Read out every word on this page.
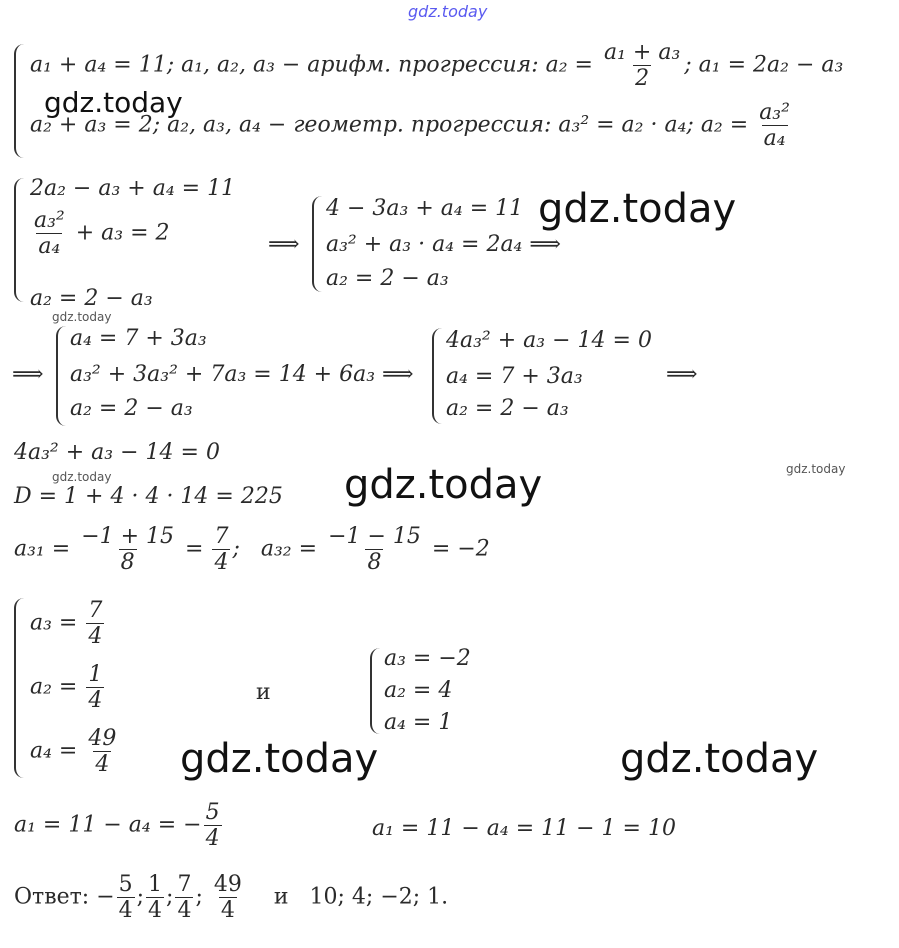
gdz.today
gdz.today
gdz.today
gdz.today
gdz.today
gdz.today
gdz.today
gdz.today	gdz.today
a₁ + a₄ = 11; a₁, a₂, a₃ − арифм. прогрессия: $a_2 = \frac{\text{a₁ + a₃}}{2}$ ; a₁ = 2a₂ − a₃
a₂ + a₃ = 2; a₂, a₃, a₄ − геометр. прогрессия: a₃² = a₂ · a₄; $a_2 = \frac{\text{a₃²}}{\text{a₄}}$
2a₂ − a₃ + a₄ = 11
$\frac{\text{a₃²}}{\text{a₄}} + a_3 = 2$
a₂ = 2 − a₃
⟹
4 − 3a₃ + a₄ = 11
a₃² + a₃ · a₄ = 2a₄ ⟹
a₂ = 2 − a₃
⟹
a₄ = 7 + 3a₃
a₃² + 3a₃² + 7a₃ = 14 + 6a₃ ⟹
a₂ = 2 − a₃
4a₃² + a₃ − 14 = 0
a₄ = 7 + 3a₃
a₂ = 2 − a₃
⟹
4a₃² + a₃ − 14 = 0
D = 1 + 4 · 4 · 14 = 225
$a_{31} = \frac{-1 + 15}{8} = \frac{7}{4}$ ; $a_{32} = \frac{-1 - 15}{8} = -2$
$a_3 = \frac{7}{4}$
$a_2 = \frac{1}{4}$
$a_4 = \frac{49}{4}$
и
a₃ = −2
a₂ = 4
a₄ = 1
a₁ = 11 − a₄ = − $\frac{5}{4}$	a₁ = 11 − a₄ = 11 − 1 = 10
Ответ: − $\frac{5}{4}$ ; $\frac{1}{4}$ ; $\frac{7}{4}$ ; $\frac{49}{4}$ и 10; 4; −2; 1.
